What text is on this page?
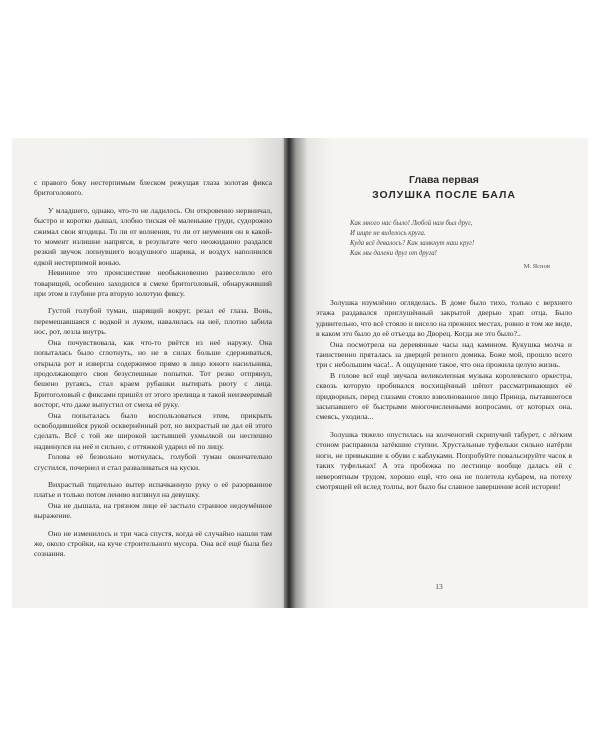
с правого боку нестерпимым блеском режущая глаза золотая фикса бритоголового.

У младшего, однако, что-то не ладилось. Он откровенно нервничал, быстро и коротко дышал, злобно тиская её маленькие груди, судорожно сжимал свои ягодицы. То ли от волнения, то ли от неумения он в какой-то момент излишне напрягся, в результате чего неожиданно раздался резкий звучок лопнувшего воздушного шарика, и воздух наполнился едкой нестерпимой вонью.

Невинное это происшествие необыкновенно развеселило его товарищей, особенно заходился в смехе бритоголовый, обнаруживший при этом в глубине рта вторую золотую фиксу.

Густой голубой туман, шарящий вокруг, резал её глаза. Вонь, перемешавшаяся с водкой и луком, навалилась на неё, плотно забила нос, рот, лезла внутрь.

Она почувствовала, как что-то рвётся из неё наружу. Она попыталась было сглотнуть, но не в силах больше сдерживаться, открыла рот и извергла содержимое прямо в лицо юного насильника, продолжающего свои безуспешные попытки. Тот резко отпрянул, бешено ругаясь, стал краем рубашки вытирать рвоту с лица. Бритоголовый с фиксами пришёл от этого зрелища в такой неизмеримый восторг, что даже выпустил от смеха её руку.

Она попыталась было воспользоваться этим, прикрыть освободившейся рукой осквернённый рот, но вихрастый не дал ей этого сделать. Всё с той же широкой застывшей ухмылкой он неспешно надвинулся на неё и сильно, с оттяжкой ударил её по лицу.

Голова её безвольно мотнулась, голубой туман окончательно сгустился, почернел и стал разваливаться на куски.

Вихрастый тщательно вытер испачканную руку о её разорванное платье и только потом лениво взглянул на девушку.

Она не дышала, на грязном лице её застыло странное недоумённое выражение.

Оно не изменилось и три часа спустя, когда её случайно нашли там же, около стройки, на куче строительного мусора. Она всё ещё была без сознания.

Глава первая
ЗОЛУШКА ПОСЛЕ БАЛА
Как много нас было! Любой нам был друг,
И шире не виделось круга.
Куда всё девалось? Как замкнут наш круг!
Как мы далеки друг от друга!
М. Яснов

Золушка изумлённо огляделась. В доме было тихо, только с верхнего этажа раздавался приглушённый закрытой дверью храп отца. Было удивительно, что всё стояло и висело на прежних местах, ровно в том же виде, в каком это было до её отъезда во Дворец. Когда же это было?..

Она посмотрела на деревянные часы над камином. Кукушка молча и таинственно пряталась за дверцей резного домика. Боже мой, прошло всего три с небольшим часа!.. А ощущение такое, что она прожила целую жизнь.

В голове всё ещё звучала великолепная музыка королевского оркестра, сквозь которую пробивался восхищённый шёпот рассматривающих её придворных, перед глазами стояло взволнованное лицо Принца, пытавшегося засыпавшего её быстрыми многочисленными вопросами, от которых она, смеясь, уходила...

Золушка тяжело опустилась на колченогий скрипучий табурет, с лёгким стоном расправила затёкшие ступни. Хрустальные туфельки сильно натёрли ноги, не привыкшие к обуви с каблуками. Попробуйте повальсируйте часок в таких туфельках! А эта пробежка по лестнице вообще далась ей с невероятным трудом, хорошо ещё, что она не полетела кубарем, на потеху смотрящей ей вслед толпы, вот было бы славное завершение всей истории!

13
